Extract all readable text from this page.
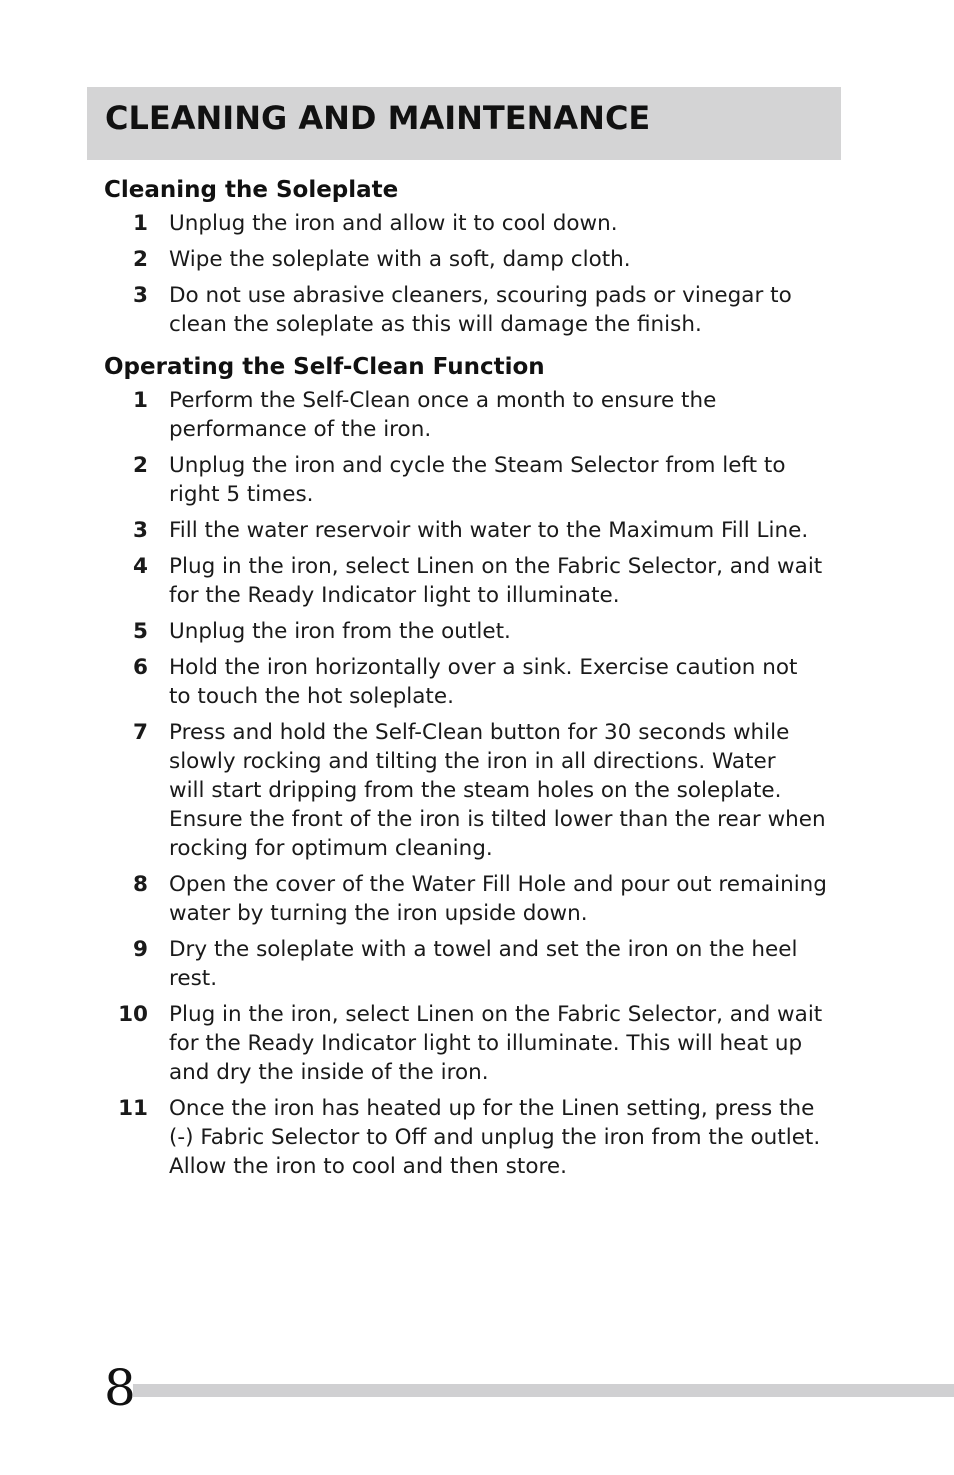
CLEANING AND MAINTENANCE
Cleaning the Soleplate
1 Unplug the iron and allow it to cool down.
2 Wipe the soleplate with a soft, damp cloth.
3 Do not use abrasive cleaners, scouring pads or vinegar to
clean the soleplate as this will damage the finish.
Operating the Self-Clean Function
1 Perform the Self-Clean once a month to ensure the
performance of the iron.
2 Unplug the iron and cycle the Steam Selector from left to
right 5 times.
3 Fill the water reservoir with water to the Maximum Fill Line.
4 Plug in the iron, select Linen on the Fabric Selector, and wait
for the Ready Indicator light to illuminate.
5 Unplug the iron from the outlet.
6 Hold the iron horizontally over a sink. Exercise caution not
to touch the hot soleplate.
7 Press and hold the Self-Clean button for 30 seconds while
slowly rocking and tilting the iron in all directions. Water
will start dripping from the steam holes on the soleplate.
Ensure the front of the iron is tilted lower than the rear when
rocking for optimum cleaning.
8 Open the cover of the Water Fill Hole and pour out remaining
water by turning the iron upside down.
9 Dry the soleplate with a towel and set the iron on the heel
rest.
10 Plug in the iron, select Linen on the Fabric Selector, and wait
for the Ready Indicator light to illuminate. This will heat up
and dry the inside of the iron.
11 Once the iron has heated up for the Linen setting, press the
(-) Fabric Selector to Off and unplug the iron from the outlet.
Allow the iron to cool and then store.
8
